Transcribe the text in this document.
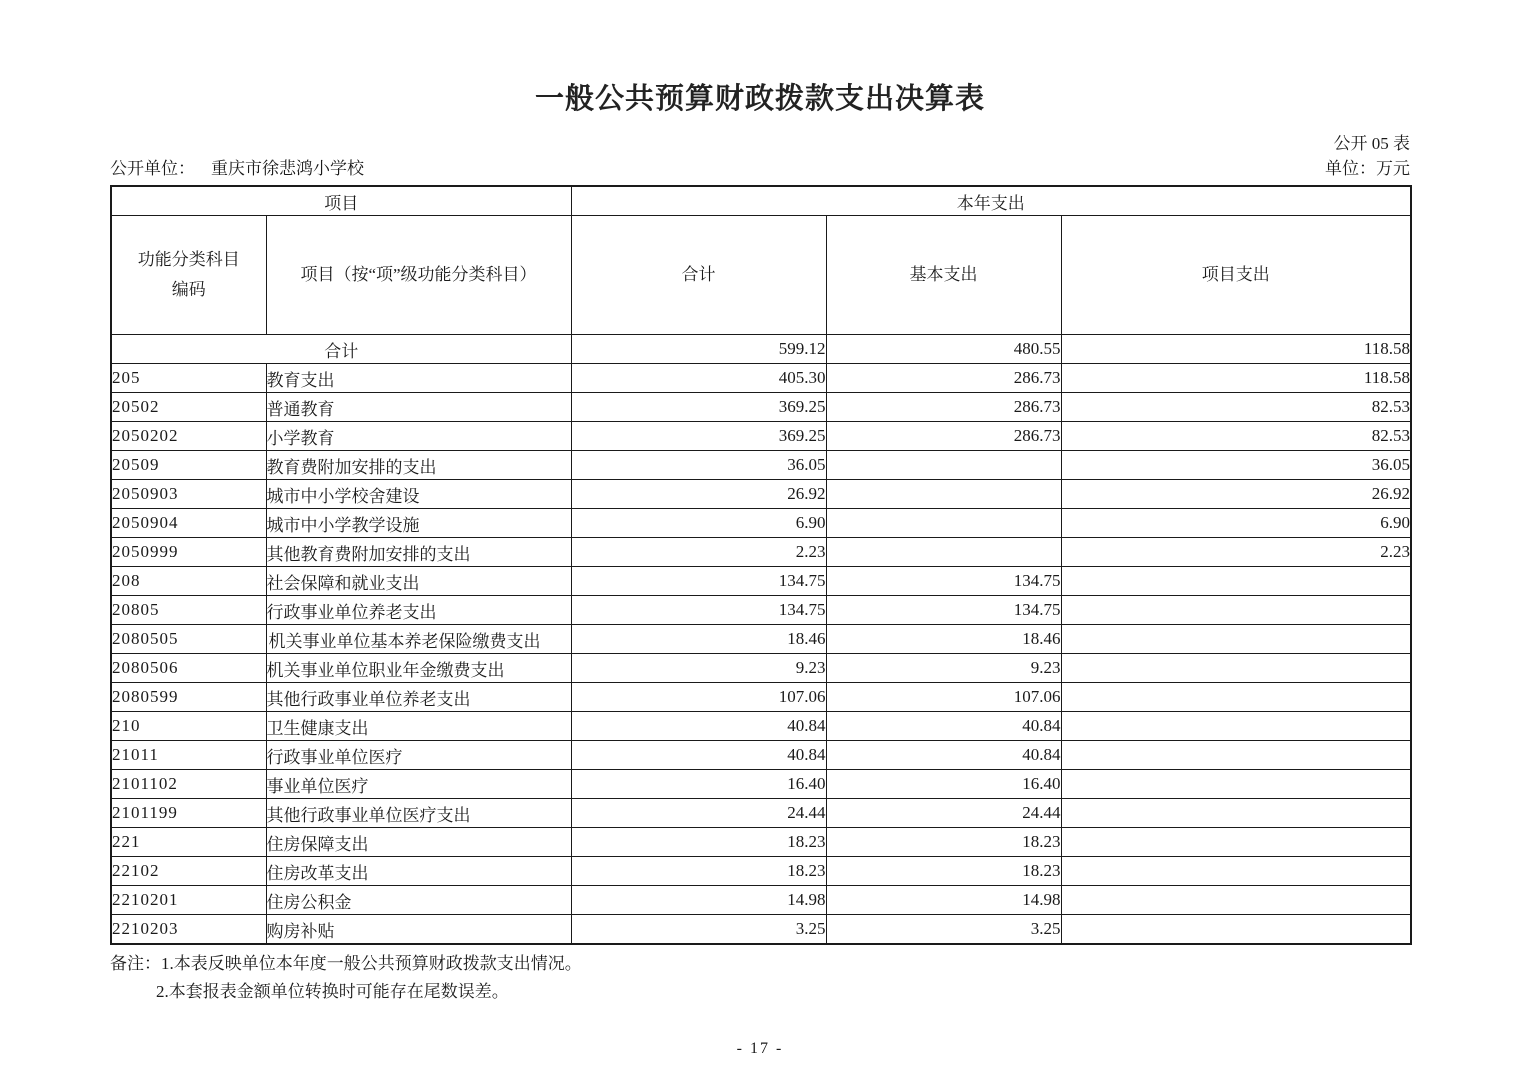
一般公共预算财政拨款支出决算表
公开 05 表
公开单位： 重庆市徐悲鸿小学校	单位：万元
项目		本年支出		

功能分类科目
编码	项目（按“项”级功能分类科目）	合计	基本支出	项目支出
合计		599.12	480.55	118.58
205	教育支出	405.30	286.73	118.58
20502	普通教育	369.25	286.73	82.53
2050202	小学教育	369.25	286.73	82.53
20509	教育费附加安排的支出	36.05		36.05
2050903	城市中小学校舍建设	26.92		26.92
2050904	城市中小学教学设施	6.90		6.90
2050999	其他教育费附加安排的支出	2.23		2.23
208	社会保障和就业支出	134.75	134.75	
20805	行政事业单位养老支出	134.75	134.75	
2080505	机关事业单位基本养老保险缴费支出	18.46	18.46	
2080506	机关事业单位职业年金缴费支出	9.23	9.23	
2080599	其他行政事业单位养老支出	107.06	107.06	
210	卫生健康支出	40.84	40.84	
21011	行政事业单位医疗	40.84	40.84	
2101102	事业单位医疗	16.40	16.40	
2101199	其他行政事业单位医疗支出	24.44	24.44	
221	住房保障支出	18.23	18.23	
22102	住房改革支出	18.23	18.23	
2210201	住房公积金	14.98	14.98	
2210203	购房补贴	3.25	3.25	
备注：1.本表反映单位本年度一般公共预算财政拨款支出情况。
2.本套报表金额单位转换时可能存在尾数误差。
- 17 -
